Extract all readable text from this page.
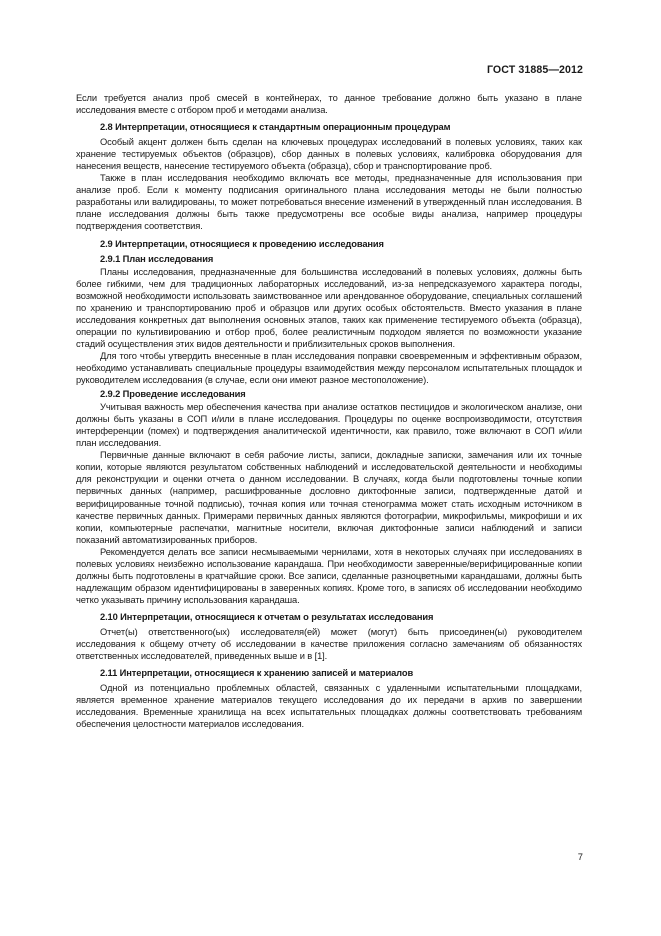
ГОСТ 31885—2012

Если требуется анализ проб смесей в контейнерах, то данное требование должно быть указано в плане исследования вместе с отбором проб и методами анализа.

2.8 Интерпретации, относящиеся к стандартным операционным процедурам

Особый акцент должен быть сделан на ключевых процедурах исследований в полевых условиях, таких как хранение тестируемых объектов (образцов), сбор данных в полевых условиях, калибровка оборудования для нанесения веществ, нанесение тестируемого объекта (образца), сбор и транспортирование проб.

Также в план исследования необходимо включать все методы, предназначенные для использования при анализе проб. Если к моменту подписания оригинального плана исследования методы не были полностью разработаны или валидированы, то может потребоваться внесение изменений в утвержденный план исследования. В плане исследования должны быть также предусмотрены все особые виды анализа, например процедуры подтверждения соответствия.

2.9 Интерпретации, относящиеся к проведению исследования

2.9.1 План исследования

Планы исследования, предназначенные для большинства исследований в полевых условиях, должны быть более гибкими, чем для традиционных лабораторных исследований, из-за непредсказуемого характера погоды, возможной необходимости использовать заимствованное или арендованное оборудование, специальных соглашений по хранению и транспортированию проб и образцов или других особых обстоятельств. Вместо указания в плане исследования конкретных дат выполнения основных этапов, таких как применение тестируемого объекта (образца), операции по культивированию и отбор проб, более реалистичным подходом является по возможности указание стадий осуществления этих видов деятельности и приблизительных сроков выполнения.

Для того чтобы утвердить внесенные в план исследования поправки своевременным и эффективным образом, необходимо устанавливать специальные процедуры взаимодействия между персоналом испытательных площадок и руководителем исследования (в случае, если они имеют разное местоположение).

2.9.2 Проведение исследования

Учитывая важность мер обеспечения качества при анализе остатков пестицидов и экологическом анализе, они должны быть указаны в СОП и/или в плане исследования. Процедуры по оценке воспроизводимости, отсутствия интерференции (помех) и подтверждения аналитической идентичности, как правило, тоже включают в СОП и/или план исследования.

Первичные данные включают в себя рабочие листы, записи, докладные записки, замечания или их точные копии, которые являются результатом собственных наблюдений и исследовательской деятельности и необходимы для реконструкции и оценки отчета о данном исследовании. В случаях, когда были подготовлены точные копии первичных данных (например, расшифрованные дословно диктофонные записи, подтвержденные датой и верифицированные точной подписью), точная копия или точная стенограмма может стать исходным источником в качестве первичных данных. Примерами первичных данных являются фотографии, микрофильмы, микрофиши и их копии, компьютерные распечатки, магнитные носители, включая диктофонные записи наблюдений и записи показаний автоматизированных приборов.

Рекомендуется делать все записи несмываемыми чернилами, хотя в некоторых случаях при исследованиях в полевых условиях неизбежно использование карандаша. При необходимости заверенные/верифицированные копии должны быть подготовлены в кратчайшие сроки. Все записи, сделанные разноцветными карандашами, должны быть надлежащим образом идентифицированы в заверенных копиях. Кроме того, в записях об исследовании необходимо четко указывать причину использования карандаша.

2.10 Интерпретации, относящиеся к отчетам о результатах исследования

Отчет(ы) ответственного(ых) исследователя(ей) может (могут) быть присоединен(ы) руководителем исследования к общему отчету об исследовании в качестве приложения согласно замечаниям об обязанностях ответственных исследователей, приведенных выше и в [1].

2.11 Интерпретации, относящиеся к хранению записей и материалов

Одной из потенциально проблемных областей, связанных с удаленными испытательными площадками, является временное хранение материалов текущего исследования до их передачи в архив по завершении исследования. Временные хранилища на всех испытательных площадках должны соответствовать требованиям обеспечения целостности материалов исследования.

7
